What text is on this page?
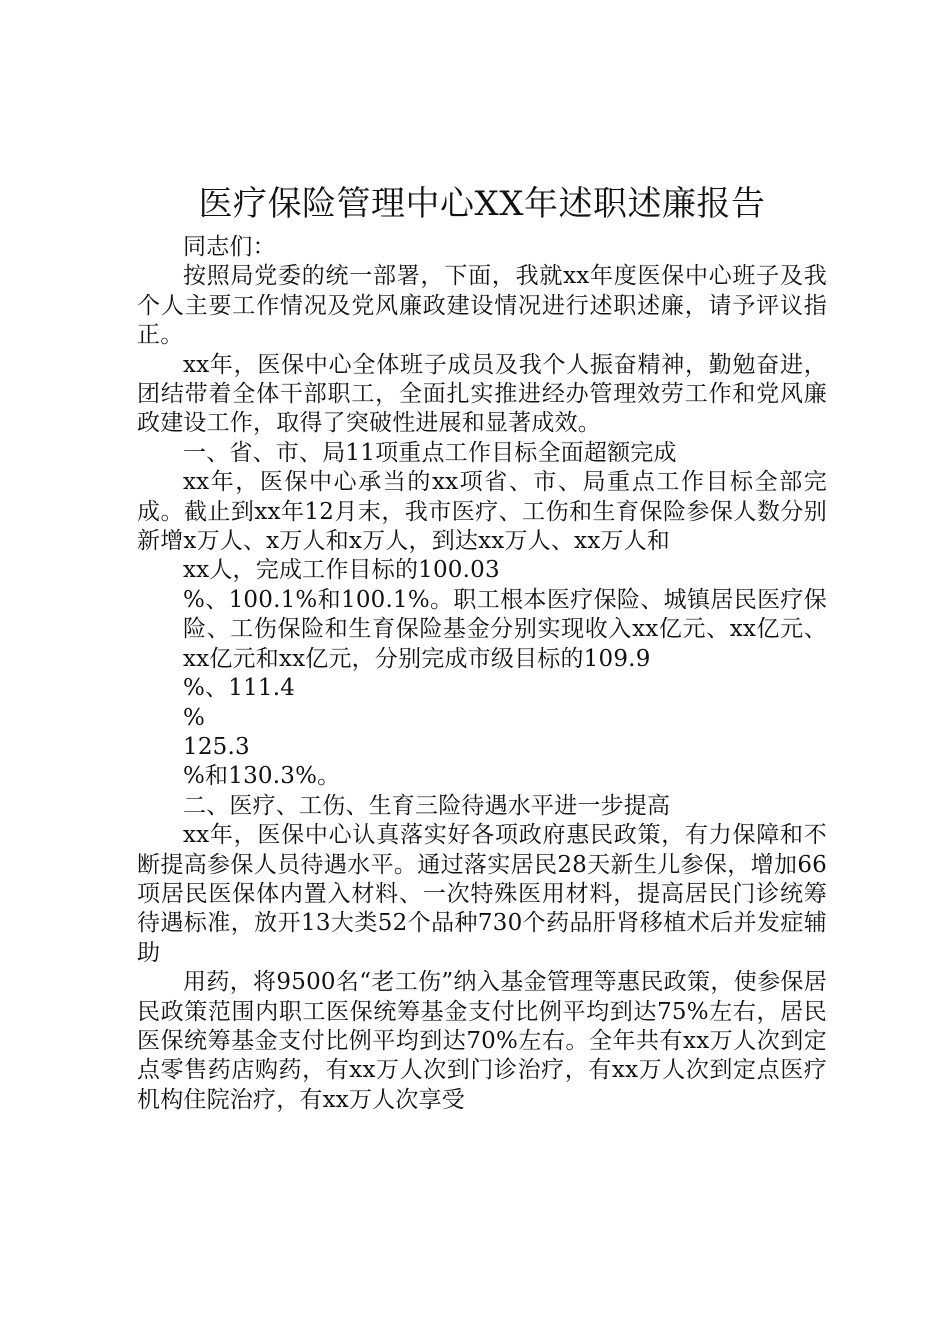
医疗保险管理中心XX年述职述廉报告

同志们：

按照局党委的统一部署，下面，我就xx年度医保中心班子及我个人主要工作情况及党风廉政建设情况进行述职述廉，请予评议指正。

xx年，医保中心全体班子成员及我个人振奋精神，勤勉奋进，团结带着全体干部职工，全面扎实推进经办管理效劳工作和党风廉政建设工作，取得了突破性进展和显著成效。

一、省、市、局11项重点工作目标全面超额完成

xx年，医保中心承当的xx项省、市、局重点工作目标全部完成。截止到xx年12月末，我市医疗、工伤和生育保险参保人数分别新增x万人、x万人和x万人，到达xx万人、xx万人和

xx人，完成工作目标的100.03

%、100.1%和100.1%。职工根本医疗保险、城镇居民医疗保险、工伤保险和生育保险基金分别实现收入xx亿元、xx亿元、xx亿元和xx亿元，分别完成市级目标的109.9

%、111.4

%

125.3

%和130.3%。

二、医疗、工伤、生育三险待遇水平进一步提高

xx年，医保中心认真落实好各项政府惠民政策，有力保障和不断提高参保人员待遇水平。通过落实居民28天新生儿参保，增加66项居民医保体内置入材料、一次特殊医用材料，提高居民门诊统筹待遇标准，放开13大类52个品种730个药品肝肾移植术后并发症辅助

用药，将9500名“老工伤”纳入基金管理等惠民政策，使参保居民政策范围内职工医保统筹基金支付比例平均到达75%左右，居民医保统筹基金支付比例平均到达70%左右。全年共有xx万人次到定点零售药店购药，有xx万人次到门诊治疗，有xx万人次到定点医疗机构住院治疗，有xx万人次享受
